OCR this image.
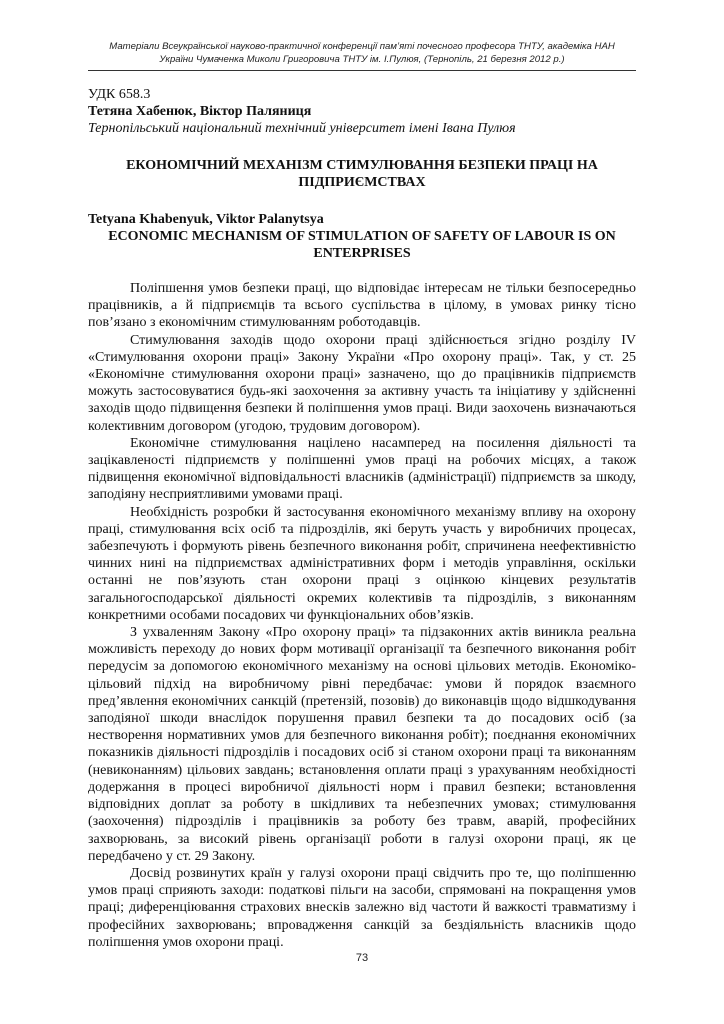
Матеріали Всеукраїнської науково-практичної конференції пам’яті почесного професора ТНТУ, академіка НАН
України Чумаченка Миколи Григоровича ТНТУ ім. І.Пулюя, (Тернопіль, 21 березня 2012 р.)
УДК 658.3
Тетяна Хабенюк, Віктор Паляниця
Тернопільський національний технічний університет імені Івана Пулюя
ЕКОНОМІЧНИЙ МЕХАНІЗМ СТИМУЛЮВАННЯ БЕЗПЕКИ ПРАЦІ НА ПІДПРИЄМСТВАХ
Tetyana Khabenyuk, Viktor Palanytsya
ECONOMIC MECHANISM OF STIMULATION OF SAFETY OF LABOUR IS ON ENTERPRISES

Поліпшення умов безпеки праці, що відповідає інтересам не тільки безпосередньо працівників, а й підприємців та всього суспільства в цілому, в умовах ринку тісно пов’язано з економічним стимулюванням роботодавців.

Стимулювання заходів щодо охорони праці здійснюється згідно розділу IV «Стимулювання охорони праці» Закону України «Про охорону праці». Так, у ст. 25 «Економічне стимулювання охорони праці» зазначено, що до працівників підприємств можуть застосовуватися будь-які заохочення за активну участь та ініціативу у здійсненні заходів щодо підвищення безпеки й поліпшення умов праці. Види заохочень визначаються колективним договором (угодою, трудовим договором).

Економічне стимулювання націлено насамперед на посилення діяльності та зацікавленості підприємств у поліпшенні умов праці на робочих місцях, а також підвищення економічної відповідальності власників (адміністрації) підприємств за шкоду, заподіяну несприятливими умовами праці.

Необхідність розробки й застосування економічного механізму впливу на охорону праці, стимулювання всіх осіб та підрозділів, які беруть участь у виробничих процесах, забезпечують і формують рівень безпечного виконання робіт, спричинена неефективністю чинних нині на підприємствах адміністративних форм і методів управління, оскільки останні не пов’язують стан охорони праці з оцінкою кінцевих результатів загальногосподарської діяльності окремих колективів та підрозділів, з виконанням конкретними особами посадових чи функціональних обов’язків.

З ухваленням Закону «Про охорону праці» та підзаконних актів виникла реальна можливість переходу до нових форм мотивації організації та безпечного виконання робіт передусім за допомогою економічного механізму на основі цільових методів. Економіко-цільовий підхід на виробничому рівні передбачає: умови й порядок взаємного пред’явлення економічних санкцій (претензій, позовів) до виконавців щодо відшкодування заподіяної шкоди внаслідок порушення правил безпеки та до посадових осіб (за нестворення нормативних умов для безпечного виконання робіт); поєднання економічних показників діяльності підрозділів і посадових осіб зі станом охорони праці та виконанням (невиконанням) цільових завдань; встановлення оплати праці з урахуванням необхідності додержання в процесі виробничої діяльності норм і правил безпеки; встановлення відповідних доплат за роботу в шкідливих та небезпечних умовах; стимулювання (заохочення) підрозділів і працівників за роботу без травм, аварій, професійних захворювань, за високий рівень організації роботи в галузі охорони праці, як це передбачено у ст. 29 Закону.

Досвід розвинутих країн у галузі охорони праці свідчить про те, що поліпшенню умов праці сприяють заходи: податкові пільги на засоби, спрямовані на покращення умов праці; диференціювання страхових внесків залежно від частоти й важкості травматизму і професійних захворювань; впровадження санкцій за бездіяльність власників щодо поліпшення умов охорони праці.

73
